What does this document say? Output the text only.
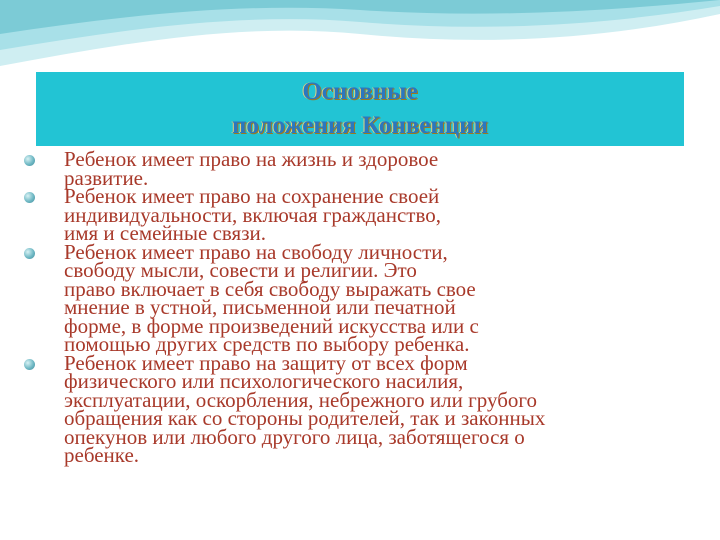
Основные
положения Конвенции
Ребенок имеет право на жизнь и здоровое
развитие.
Ребенок имеет право на сохранение своей
индивидуальности, включая гражданство,
имя и семейные связи.
Ребенок имеет право на свободу личности,
свободу мысли, совести и религии. Это
право включает в себя свободу выражать свое
мнение в устной, письменной или печатной
форме, в форме произведений искусства или с
помощью других средств по выбору ребенка.
Ребенок имеет право на защиту от всех форм
физического или психологического насилия,
эксплуатации, оскорбления, небрежного или грубого
обращения как со стороны родителей, так и законных
опекунов или любого другого лица, заботящегося о
ребенке.
